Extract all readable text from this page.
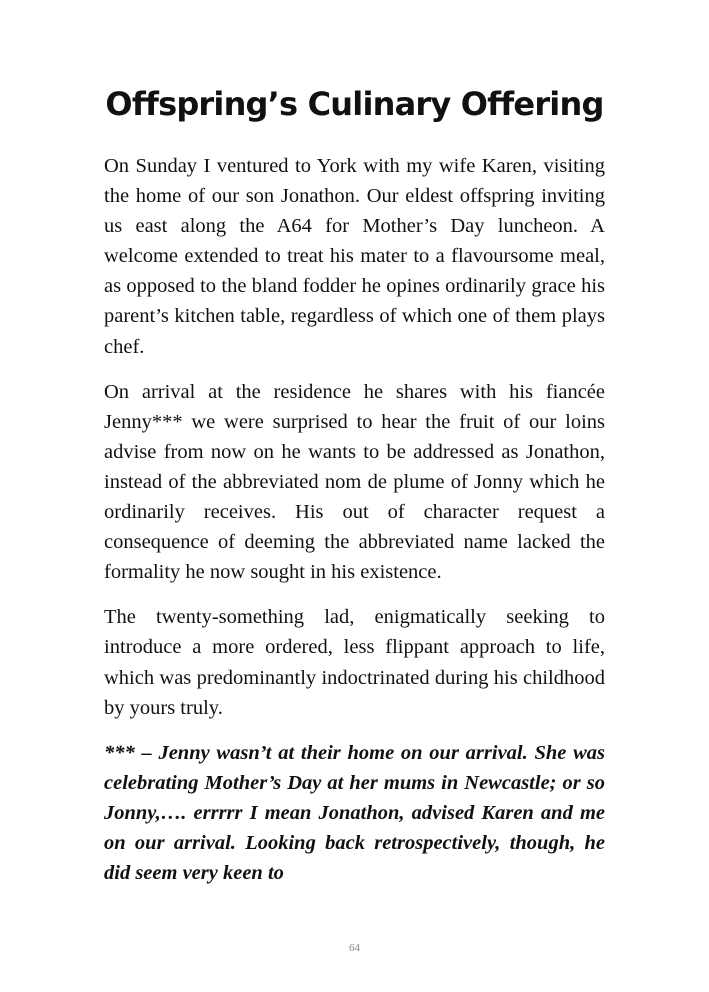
Offspring’s Culinary Offering

On Sunday I ventured to York with my wife Karen, visiting the home of our son Jonathon. Our eldest offspring inviting us east along the A64 for Mother’s Day luncheon. A welcome extended to treat his mater to a flavoursome meal, as opposed to the bland fodder he opines ordinarily grace his parent’s kitchen table, regardless of which one of them plays chef.

On arrival at the residence he shares with his fiancée Jenny*** we were surprised to hear the fruit of our loins advise from now on he wants to be addressed as Jonathon, instead of the abbreviated nom de plume of Jonny which he ordinarily receives. His out of character request a consequence of deeming the abbreviated name lacked the formality he now sought in his existence.

The twenty-something lad, enigmatically seeking to introduce a more ordered, less flippant approach to life, which was predominantly indoctrinated during his childhood by yours truly.

*** – Jenny wasn’t at their home on our arrival. She was celebrating Mother’s Day at her mums in Newcastle; or so Jonny,…. errrrr I mean Jonathon, advised Karen and me on our arrival. Looking back retrospectively, though, he did seem very keen to

64
